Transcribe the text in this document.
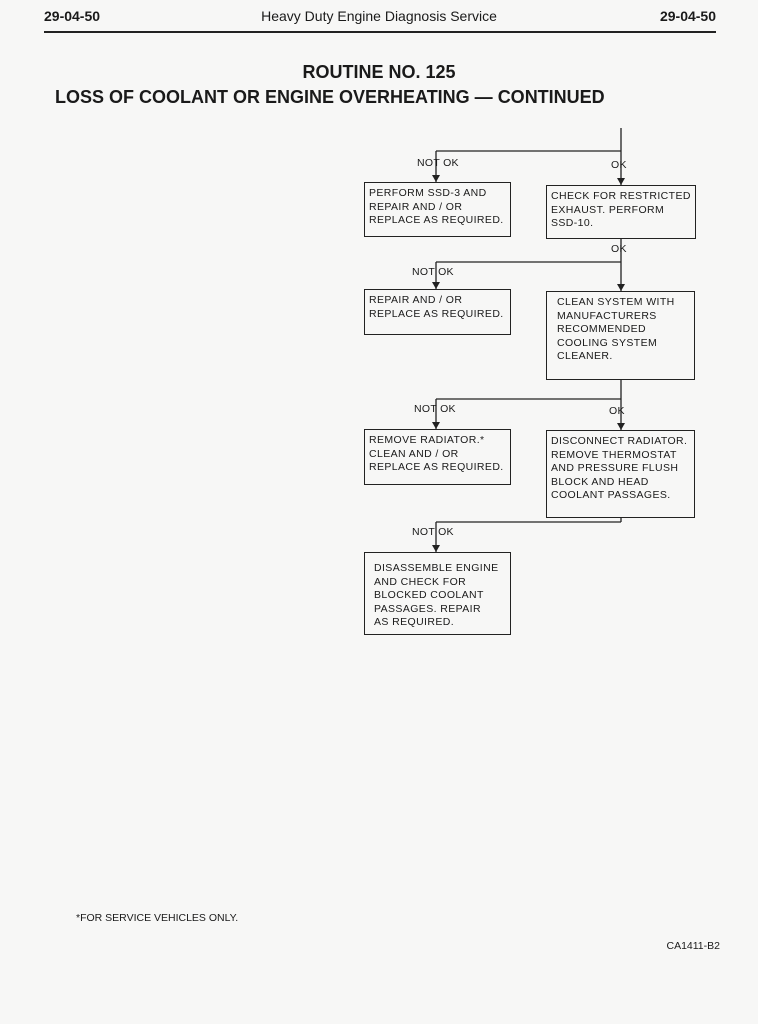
29-04-50	Heavy Duty Engine Diagnosis Service	29-04-50
ROUTINE NO. 125
LOSS OF COOLANT OR ENGINE OVERHEATING — CONTINUED
NOT OK	OK
OK
NOT OK
NOT OK	OK
NOT OK
PERFORM SSD-3 AND
REPAIR AND / OR
REPLACE AS REQUIRED.
CHECK FOR RESTRICTED
EXHAUST. PERFORM
SSD-10.
REPAIR AND / OR
REPLACE AS REQUIRED.
CLEAN SYSTEM WITH
MANUFACTURERS
RECOMMENDED
COOLING SYSTEM
CLEANER.
REMOVE RADIATOR.*
CLEAN AND / OR
REPLACE AS REQUIRED.
DISCONNECT RADIATOR.
REMOVE THERMOSTAT
AND PRESSURE FLUSH
BLOCK AND HEAD
COOLANT PASSAGES.
DISASSEMBLE ENGINE
AND CHECK FOR
BLOCKED COOLANT
PASSAGES. REPAIR
AS REQUIRED.
*FOR SERVICE VEHICLES ONLY.
CA1411-B2
